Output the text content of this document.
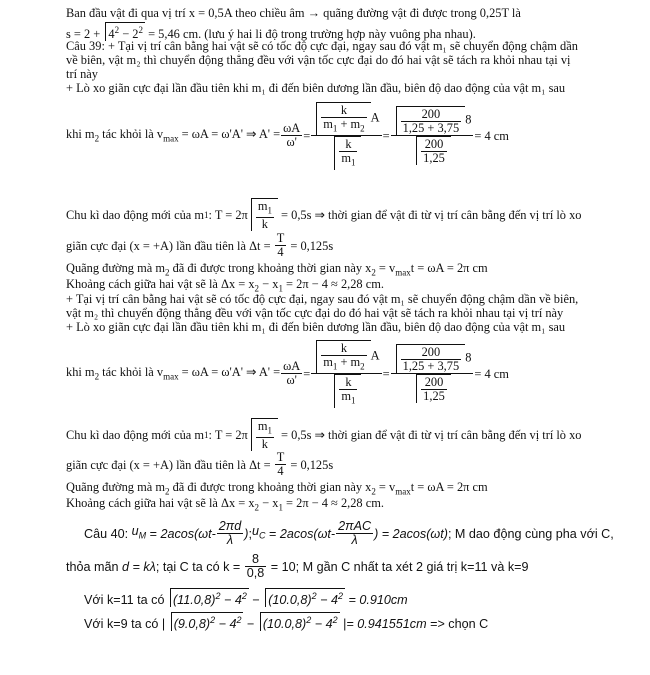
Ban đầu vật đi qua vị trí x = 0,5A theo chiều âm → quãng đường vật đi được trong 0,25T là
$s = 2 + 4^2 - 2^2 = 5,46$ cm. (lưu ý hai li độ trong trường hợp này vuông pha nhau).
Câu 39: + Tại vị trí cân bằng hai vật sẽ có tốc độ cực đại, ngay sau đó vật m₁ sẽ chuyển động chậm dần
về biên, vật m₂ thì chuyển động thẳng đều với vận tốc cực đại do đó hai vật sẽ tách ra khỏi nhau tại vị
trí này
+ Lò xo giãn cực đại lần đầu tiên khi m₁ đi đến biên dương lần đầu, biên độ dao động của vật m₁ sau
khi $m_2$ tác khỏi là $v_{max} = \omega A = \omega'A'$ ⇒ $A' = \frac{\omega A}{\omega'} = \frac{\frac{k}{m_1 + m_2} A}{\frac{k}{m_1}} = \frac{\frac{200}{1,25 + 3,75} 8}{\frac{200}{1,25}} = 4$ cm
Chu kì dao động mới của m 1 : $T = 2\pi \frac{m_1}{k} = 0,5s$ ⇒ thời gian để vật đi từ vị trí cân bằng đến vị trí lò xo
giãn cực đại (x = +A) lần đầu tiên là $\Delta t = \frac{T}{4} = 0,125s$
Quãng đường mà $m_2$ đã đi được trong khoảng thời gian này $x_2 = v_{max}t = \omega A = 2\pi$ cm
Khoảng cách giữa hai vật sẽ là $\Delta x = x_2 - x_1 = 2\pi - 4 \approx 2,28$ cm.
+ Tại vị trí cân bằng hai vật sẽ có tốc độ cực đại, ngay sau đó vật m₁ sẽ chuyển động chậm dần về biên,
vật m₂ thì chuyển động thẳng đều với vận tốc cực đại do đó hai vật sẽ tách ra khỏi nhau tại vị trí này
+ Lò xo giãn cực đại lần đầu tiên khi m₁ đi đến biên dương lần đầu, biên độ dao động của vật m₁ sau
khi $m_2$ tác khỏi là $v_{max} = \omega A = \omega'A'$ ⇒ $A' = \frac{\omega A}{\omega'} = \frac{\frac{k}{m_1 + m_2} A}{\frac{k}{m_1}} = \frac{\frac{200}{1,25 + 3,75} 8}{\frac{200}{1,25}} = 4$ cm
Chu kì dao động mới của m 1 : $T = 2\pi \frac{m_1}{k} = 0,5s$ ⇒ thời gian để vật đi từ vị trí cân bằng đến vị trí lò xo
giãn cực đại (x = +A) lần đầu tiên là $\Delta t = \frac{T}{4} = 0,125s$
Quãng đường mà $m_2$ đã đi được trong khoảng thời gian này $x_2 = v_{max}t = \omega A = 2\pi$ cm
Khoảng cách giữa hai vật sẽ là $\Delta x = x_2 - x_1 = 2\pi - 4 \approx 2,28$ cm.
Câu 40: $u_M = 2acos(\omega t- \frac{2\pi d}{\lambda}$ ) ; $u_C = 2acos(\omega t- \frac{\text{2πAC}}{\lambda}$ ) = 2acos(ωt) ; M dao động cùng pha với C,
thỏa mãn d = kλ ; tại C ta có $k = \frac{8}{0,8} = 10$; M gần C nhất ta xét 2 giá trị k=11 và k=9
Với k=11 ta có $(11.0,8)^2 - 4^2 - (10.0,8)^2 - 4^2 = 0.910cm$
Với k=9 ta có | $(9.0,8)^2 - 4^2 - (10.0,8)^2 - 4^2$ |= 0.941551cm => chọn C
